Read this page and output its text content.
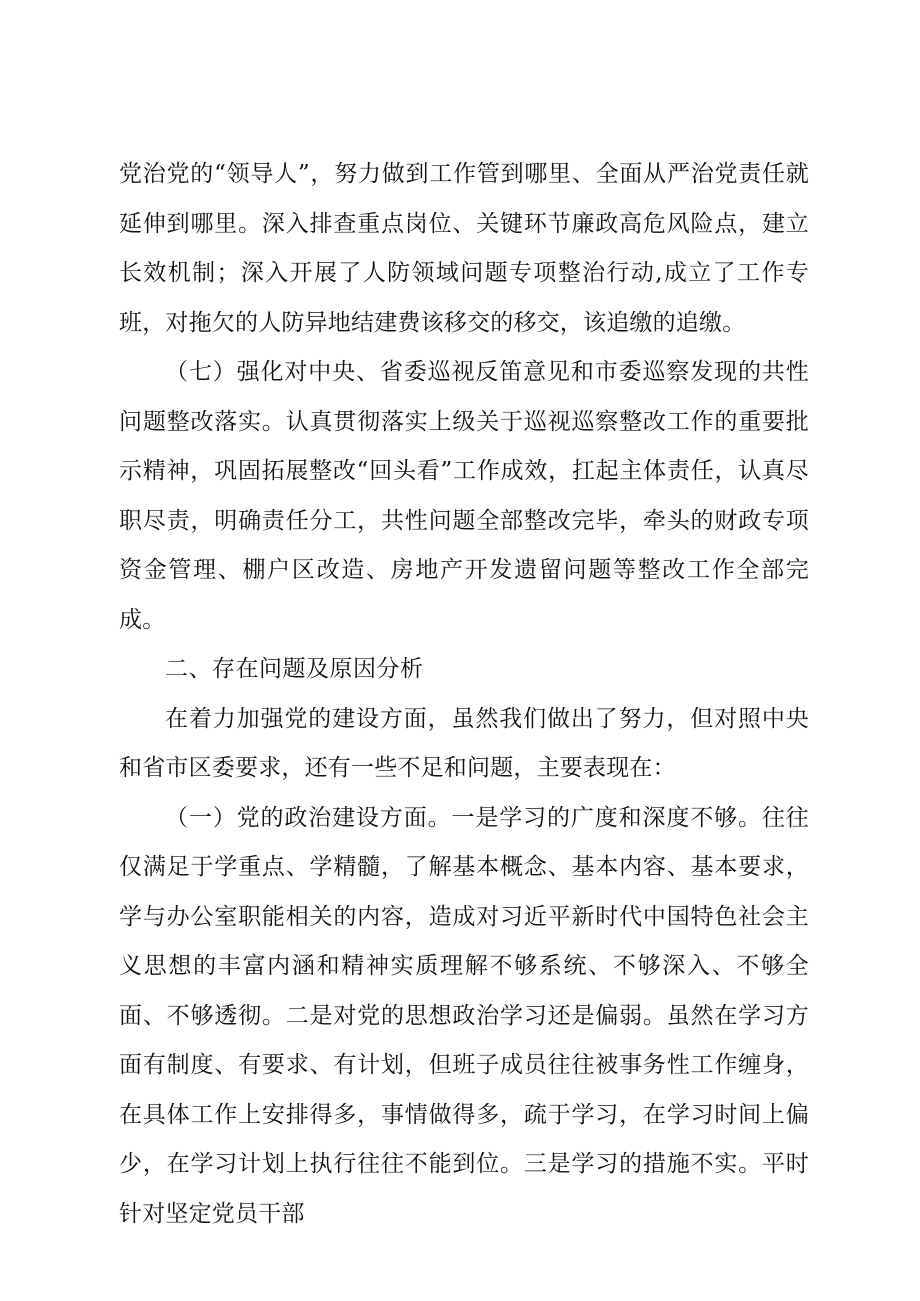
党治党的“领导人”，努力做到工作管到哪里、全面从严治党责任就延伸到哪里。深入排查重点岗位、关键环节廉政高危风险点，建立长效机制；深入开展了人防领域问题专项整治行动,成立了工作专班，对拖欠的人防异地结建费该移交的移交，该追缴的追缴。

（七）强化对中央、省委巡视反笛意见和市委巡察发现的共性问题整改落实。认真贯彻落实上级关于巡视巡察整改工作的重要批示精神，巩固拓展整改“回头看”工作成效，扛起主体责任，认真尽职尽责，明确责任分工，共性问题全部整改完毕，牵头的财政专项资金管理、棚户区改造、房地产开发遗留问题等整改工作全部完成。

二、存在问题及原因分析

在着力加强党的建设方面，虽然我们做出了努力，但对照中央和省市区委要求，还有一些不足和问题，主要表现在：

（一）党的政治建设方面。一是学习的广度和深度不够。往往仅满足于学重点、学精髓，了解基本概念、基本内容、基本要求，学与办公室职能相关的内容，造成对习近平新时代中国特色社会主义思想的丰富内涵和精神实质理解不够系统、不够深入、不够全面、不够透彻。二是对党的思想政治学习还是偏弱。虽然在学习方面有制度、有要求、有计划，但班子成员往往被事务性工作缠身，在具体工作上安排得多，事情做得多，疏于学习，在学习时间上偏少，在学习计划上执行往往不能到位。三是学习的措施不实。平时针对坚定党员干部
